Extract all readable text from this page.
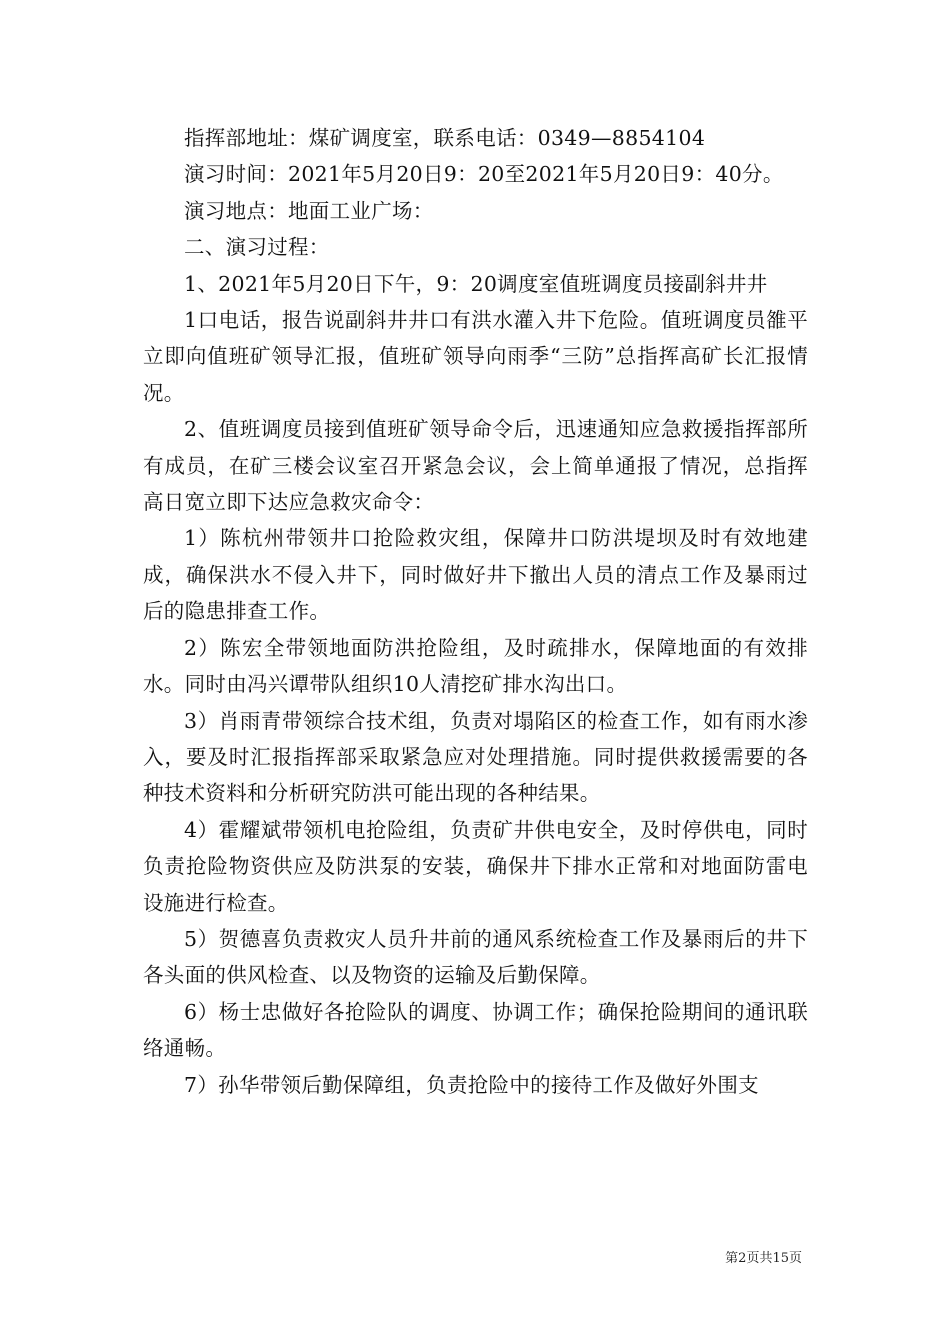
指挥部地址：煤矿调度室，联系电话：0349—8854104

演习时间：2021年5月20日9：20至2021年5月20日9：40分。

演习地点：地面工业广场：

二、演习过程：

1、2021年5月20日下午，9：20调度室值班调度员接副斜井井

1口电话，报告说副斜井井口有洪水灌入井下危险。值班调度员雒平立即向值班矿领导汇报，值班矿领导向雨季“三防”总指挥高矿长汇报情况。

2、值班调度员接到值班矿领导命令后，迅速通知应急救援指挥部所有成员，在矿三楼会议室召开紧急会议，会上简单通报了情况，总指挥高日宽立即下达应急救灾命令：

1）陈杭州带领井口抢险救灾组，保障井口防洪堤坝及时有效地建成，确保洪水不侵入井下，同时做好井下撤出人员的清点工作及暴雨过后的隐患排查工作。

2）陈宏全带领地面防洪抢险组，及时疏排水，保障地面的有效排水。同时由冯兴谭带队组织10人清挖矿排水沟出口。

3）肖雨青带领综合技术组，负责对塌陷区的检查工作，如有雨水渗入，要及时汇报指挥部采取紧急应对处理措施。同时提供救援需要的各种技术资料和分析研究防洪可能出现的各种结果。

4）霍耀斌带领机电抢险组，负责矿井供电安全，及时停供电，同时负责抢险物资供应及防洪泵的安装，确保井下排水正常和对地面防雷电设施进行检查。

5）贺德喜负责救灾人员升井前的通风系统检查工作及暴雨后的井下各头面的供风检查、以及物资的运输及后勤保障。

6）杨士忠做好各抢险队的调度、协调工作；确保抢险期间的通讯联络通畅。

7）孙华带领后勤保障组，负责抢险中的接待工作及做好外围支

第2页共15页
